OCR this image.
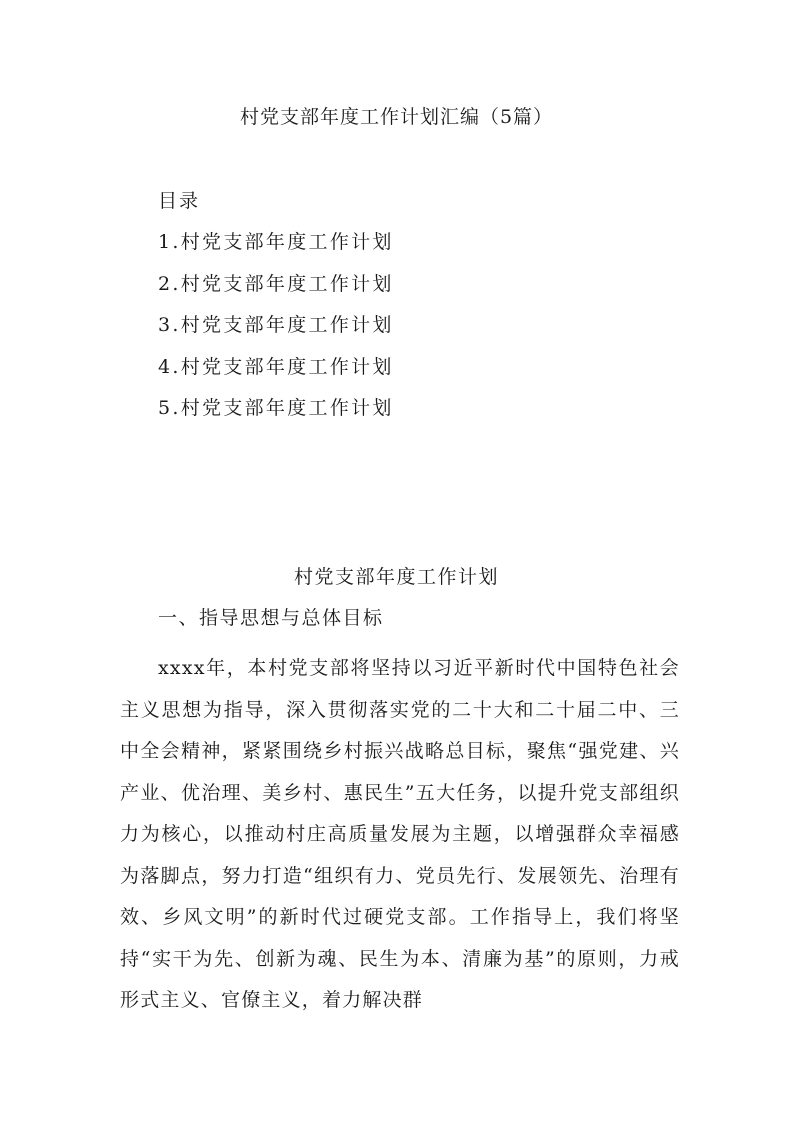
村党支部年度工作计划汇编（5篇）
目录
1.村党支部年度工作计划
2.村党支部年度工作计划
3.村党支部年度工作计划
4.村党支部年度工作计划
5.村党支部年度工作计划
村党支部年度工作计划
一、指导思想与总体目标

xxxx年，本村党支部将坚持以习近平新时代中国特色社会主义思想为指导，深入贯彻落实党的二十大和二十届二中、三中全会精神，紧紧围绕乡村振兴战略总目标，聚焦“强党建、兴产业、优治理、美乡村、惠民生”五大任务，以提升党支部组织力为核心，以推动村庄高质量发展为主题，以增强群众幸福感为落脚点，努力打造“组织有力、党员先行、发展领先、治理有效、乡风文明”的新时代过硬党支部。工作指导上，我们将坚持“实干为先、创新为魂、民生为本、清廉为基”的原则，力戒形式主义、官僚主义，着力解决群
